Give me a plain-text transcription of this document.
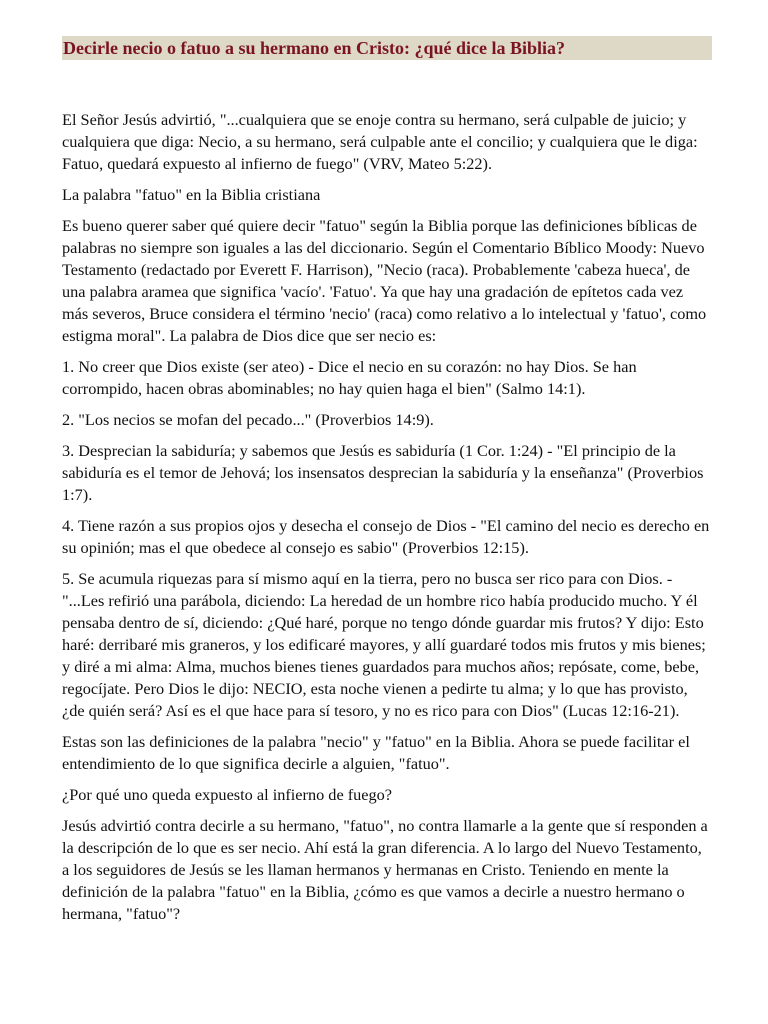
Decirle necio o fatuo a su hermano en Cristo: ¿qué dice la Biblia?

El Señor Jesús advirtió, "...cualquiera que se enoje contra su hermano, será culpable de juicio; y cualquiera que diga: Necio, a su hermano, será culpable ante el concilio; y cualquiera que le diga: Fatuo, quedará expuesto al infierno de fuego" (VRV, Mateo 5:22).

La palabra "fatuo" en la Biblia cristiana

Es bueno querer saber qué quiere decir "fatuo" según la Biblia porque las definiciones bíblicas de palabras no siempre son iguales a las del diccionario. Según el Comentario Bíblico Moody: Nuevo Testamento (redactado por Everett F. Harrison), "Necio (raca). Probablemente 'cabeza hueca', de una palabra aramea que significa 'vacío'. 'Fatuo'. Ya que hay una gradación de epítetos cada vez más severos, Bruce considera el término 'necio' (raca) como relativo a lo intelectual y 'fatuo', como estigma moral". La palabra de Dios dice que ser necio es:

1. No creer que Dios existe (ser ateo) - Dice el necio en su corazón: no hay Dios. Se han corrompido, hacen obras abominables; no hay quien haga el bien" (Salmo 14:1).

2. "Los necios se mofan del pecado..." (Proverbios 14:9).

3. Desprecian la sabiduría; y sabemos que Jesús es sabiduría (1 Cor. 1:24) - "El principio de la sabiduría es el temor de Jehová; los insensatos desprecian la sabiduría y la enseñanza" (Proverbios 1:7).

4. Tiene razón a sus propios ojos y desecha el consejo de Dios - "El camino del necio es derecho en su opinión; mas el que obedece al consejo es sabio" (Proverbios 12:15).

5. Se acumula riquezas para sí mismo aquí en la tierra, pero no busca ser rico para con Dios. - "...Les refirió una parábola, diciendo: La heredad de un hombre rico había producido mucho. Y él pensaba dentro de sí, diciendo: ¿Qué haré, porque no tengo dónde guardar mis frutos? Y dijo: Esto haré: derribaré mis graneros, y los edificaré mayores, y allí guardaré todos mis frutos y mis bienes; y diré a mi alma: Alma, muchos bienes tienes guardados para muchos años; repósate, come, bebe, regocíjate. Pero Dios le dijo: NECIO, esta noche vienen a pedirte tu alma; y lo que has provisto, ¿de quién será? Así es el que hace para sí tesoro, y no es rico para con Dios" (Lucas 12:16-21).

Estas son las definiciones de la palabra "necio" y "fatuo" en la Biblia. Ahora se puede facilitar el entendimiento de lo que significa decirle a alguien, "fatuo".

¿Por qué uno queda expuesto al infierno de fuego?

Jesús advirtió contra decirle a su hermano, "fatuo", no contra llamarle a la gente que sí responden a la descripción de lo que es ser necio. Ahí está la gran diferencia. A lo largo del Nuevo Testamento, a los seguidores de Jesús se les llaman hermanos y hermanas en Cristo. Teniendo en mente la definición de la palabra "fatuo" en la Biblia, ¿cómo es que vamos a decirle a nuestro hermano o hermana, "fatuo"?
